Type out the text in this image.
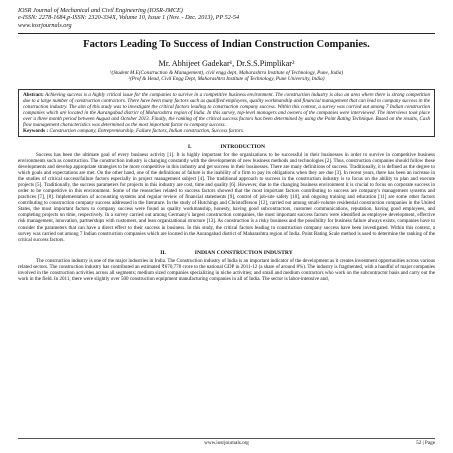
IOSR Journal of Mechanical and Civil Engineering (IOSR-JMCE)
e-ISSN: 2278-1684,p-ISSN: 2320-334X, Volume 10, Issue 1 (Nov. - Dec. 2013), PP 52-54
www.iosrjournals.org
Factors Leading To Success of Indian Construction Companies.
Mr. Abhijeet Gadekar¹, Dr.S.S.Pimplikar²
¹(Student M.E(Construction & Management), civil engg dept, Maharashtra Institute of Technology, Pune, India)
²(Prof & Head, Civil Engg Dept, Maharashtra Institute of Technology, Pune University, India)
Abstract: Achieving success is a highly critical issue for the companies to survive in a competitive business environment. The construction industry is also an area where there is strong competition due to a large number of construction contractors. There have been many factors such as qualified employees, quality workmanship and financial management that can lead to company success in the construction industry. The aim of this study was to investigate the critical factors leading to construction company success. Within this context, a survey was carried out among 7 Indian construction companies which are located in the Aurangabad district of Maharashtra region of India. In this survey, top-level managers and owners of the companies were interviewed. The interviews took place over a three month period between August and October 2013. Finally, the ranking of the critical success factors has been determined by using the Point Rating Technique. Based on the results, Cash flow management characteristics was determined as the most important factor to company success.
Keywords : Construction company, Entrepreneurship, Failure factors, Indian construction, Success factors.
I.	INTRODUCTION
Success has been the ultimate goal of every business activity [1]. It is highly important for the organizations to be successful in their businesses in order to survive in competitive business environments such as construction. The construction industry is changing constantly with the developments of new business methods and technologies [2]. Thus, construction companies should follow these developments and develop appropriate strategies to be more competitive in this industry and get success in their businesses. There are many definitions of success. Traditionally, it is defined as the degree to which goals and expectations are met. On the other hand, one of the definitions of failure is the inability of a firm to pay its obligations when they are due [3]. In recent years, there has been an increase in the studies of critical success/failure factors especially in project management subject [4]. The traditional approach to success in the construction industry is to focus on the ability to plan and execute projects [5]. Traditionally, the success parameters for projects in this industry are cost, time and quality [6]. However, due to the changing business environment it is crucial to focus on corporate success in order to be competitive in this environment. Some of the researches related to success factors showed that the most important factors contributing to success are company's management systems and practices [7], [8]. Implementation of accounting systems and regular review of financial statements [9], control of job-site safety [10], and ongoing training and education [11] are some other factors contributing to construction company success addressed in the literature. In the study of Hutchings and Christofferson [12], carried out among small-volume residential construction companies in the United States, the most important factors to company success were found as quality workmanship, honesty, having good subcontractors, customer communications, reputation, having good employees, and completing projects on time, respectively. In a survey carried out among Germany's largest construction companies, the most important success factors were identified as employee development, effective risk management, innovation, partnerships with customers, and lean organizational structure [13]. As construction is a risky business and the possibility for business failure always exists, companies have to consider the parameters that can have a direct effect to their success in business. In this study, the critical factors leading to construction company success have been investigated. Within this context, a survey was carried out among 7 Indian construction companies which are located in the Aurangabad district of Maharashtra region of India. Point Rating Scale method is used to determine the ranking of the critical success factors.
II.	INDIAN CONSTRUCTION INDUSTRY
The construction industry is one of the major industries in India. The Construction industry of India is an important indicator of the development as it creates investment opportunities across various related sectors. The construction industry has contributed an estimated ₹670,778 crore to the national GDP in 2011-12 (a share of around 8%). The industry is fragmented, with a handful of major companies involved in the construction activities across all segments; medium sized companies specializing in niche activities; and small and medium contractors who work on the subcontractor basis and carry out the work in the field. In 2011, there were slightly over 500 construction equipment manufacturing companies in all of India. The sector is labor-intensive and,
www.iosrjournals.org	52 | Page
